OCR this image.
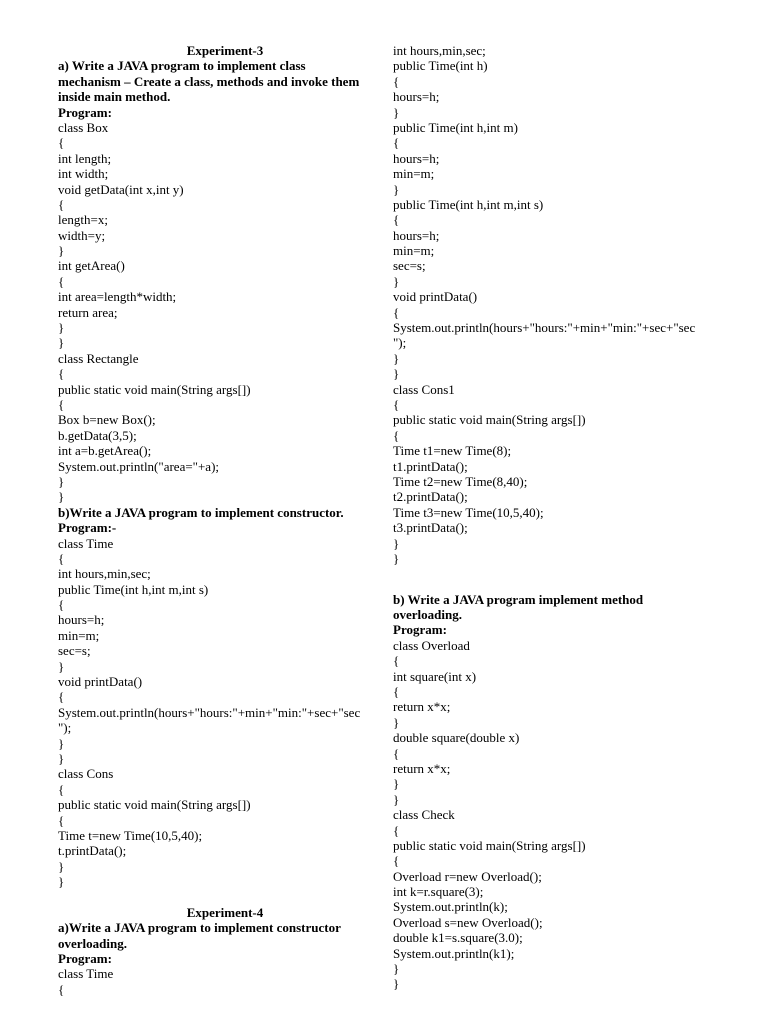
Experiment-3
a) Write a JAVA program to implement class
mechanism – Create a class, methods and invoke them
inside main method.
Program:
class Box
{
int length;
int width;
void getData(int x,int y)
{
length=x;
width=y;
}
int getArea()
{
int area=length*width;
return area;
}
}
class Rectangle
{
public static void main(String args[])
{
Box b=new Box();
b.getData(3,5);
int a=b.getArea();
System.out.println("area="+a);
}
}
b)Write a JAVA program to implement constructor.
Program:-
class Time
{
int hours,min,sec;
public Time(int h,int m,int s)
{
hours=h;
min=m;
sec=s;
}
void printData()
{
System.out.println(hours+"hours:"+min+"min:"+sec+"sec
");
}
}
class Cons
{
public static void main(String args[])
{
Time t=new Time(10,5,40);
t.printData();
}
}
Experiment-4
a)Write a JAVA program to implement constructor
overloading.
Program:
class Time
{
int hours,min,sec;
public Time(int h)
{
hours=h;
}
public Time(int h,int m)
{
hours=h;
min=m;
}
public Time(int h,int m,int s)
{
hours=h;
min=m;
sec=s;
}
void printData()
{
System.out.println(hours+"hours:"+min+"min:"+sec+"sec
");
}
}
class Cons1
{
public static void main(String args[])
{
Time t1=new Time(8);
t1.printData();
Time t2=new Time(8,40);
t2.printData();
Time t3=new Time(10,5,40);
t3.printData();
}
}
b) Write a JAVA program implement method
overloading.
Program:
class Overload
{
int square(int x)
{
return x*x;
}
double square(double x)
{
return x*x;
}
}
class Check
{
public static void main(String args[])
{
Overload r=new Overload();
int k=r.square(3);
System.out.println(k);
Overload s=new Overload();
double k1=s.square(3.0);
System.out.println(k1);
}
}
